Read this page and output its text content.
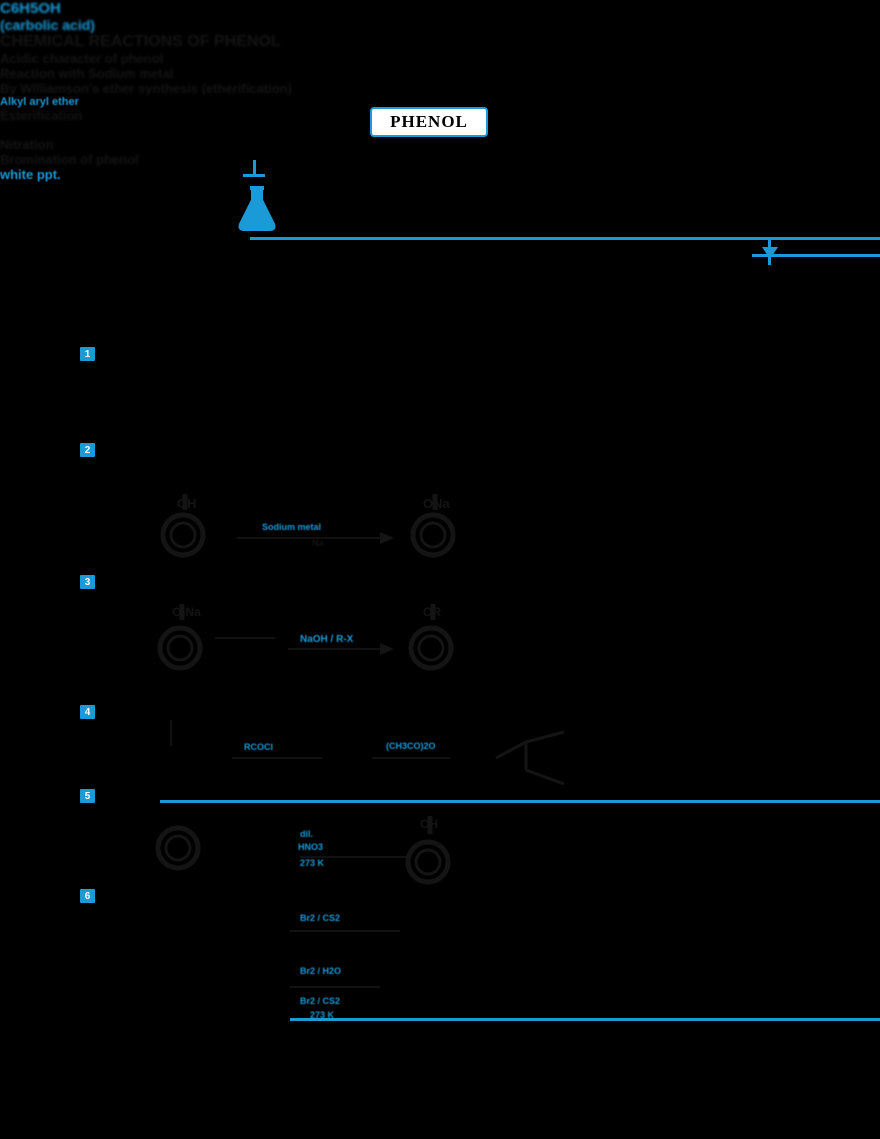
PHENOL
C6H5OH
(carbolic acid)
CHEMICAL REACTIONS OF PHENOL
1
Acidic character of phenol
2
Reaction with Sodium metal
OH
Sodium metal
Na
ONa
3
By Williamson's ether synthesis (etherification)
O-Na
NaOH / R-X
OR
Alkyl aryl ether
4
Esterification
RCOCl	(CH3CO)2O
5
Nitration
dil.
HNO3
273 K
OH
6
Bromination of phenol
Br2 / CS2
Br2 / H2O
Br2 / CS2
273 K
white ppt.
